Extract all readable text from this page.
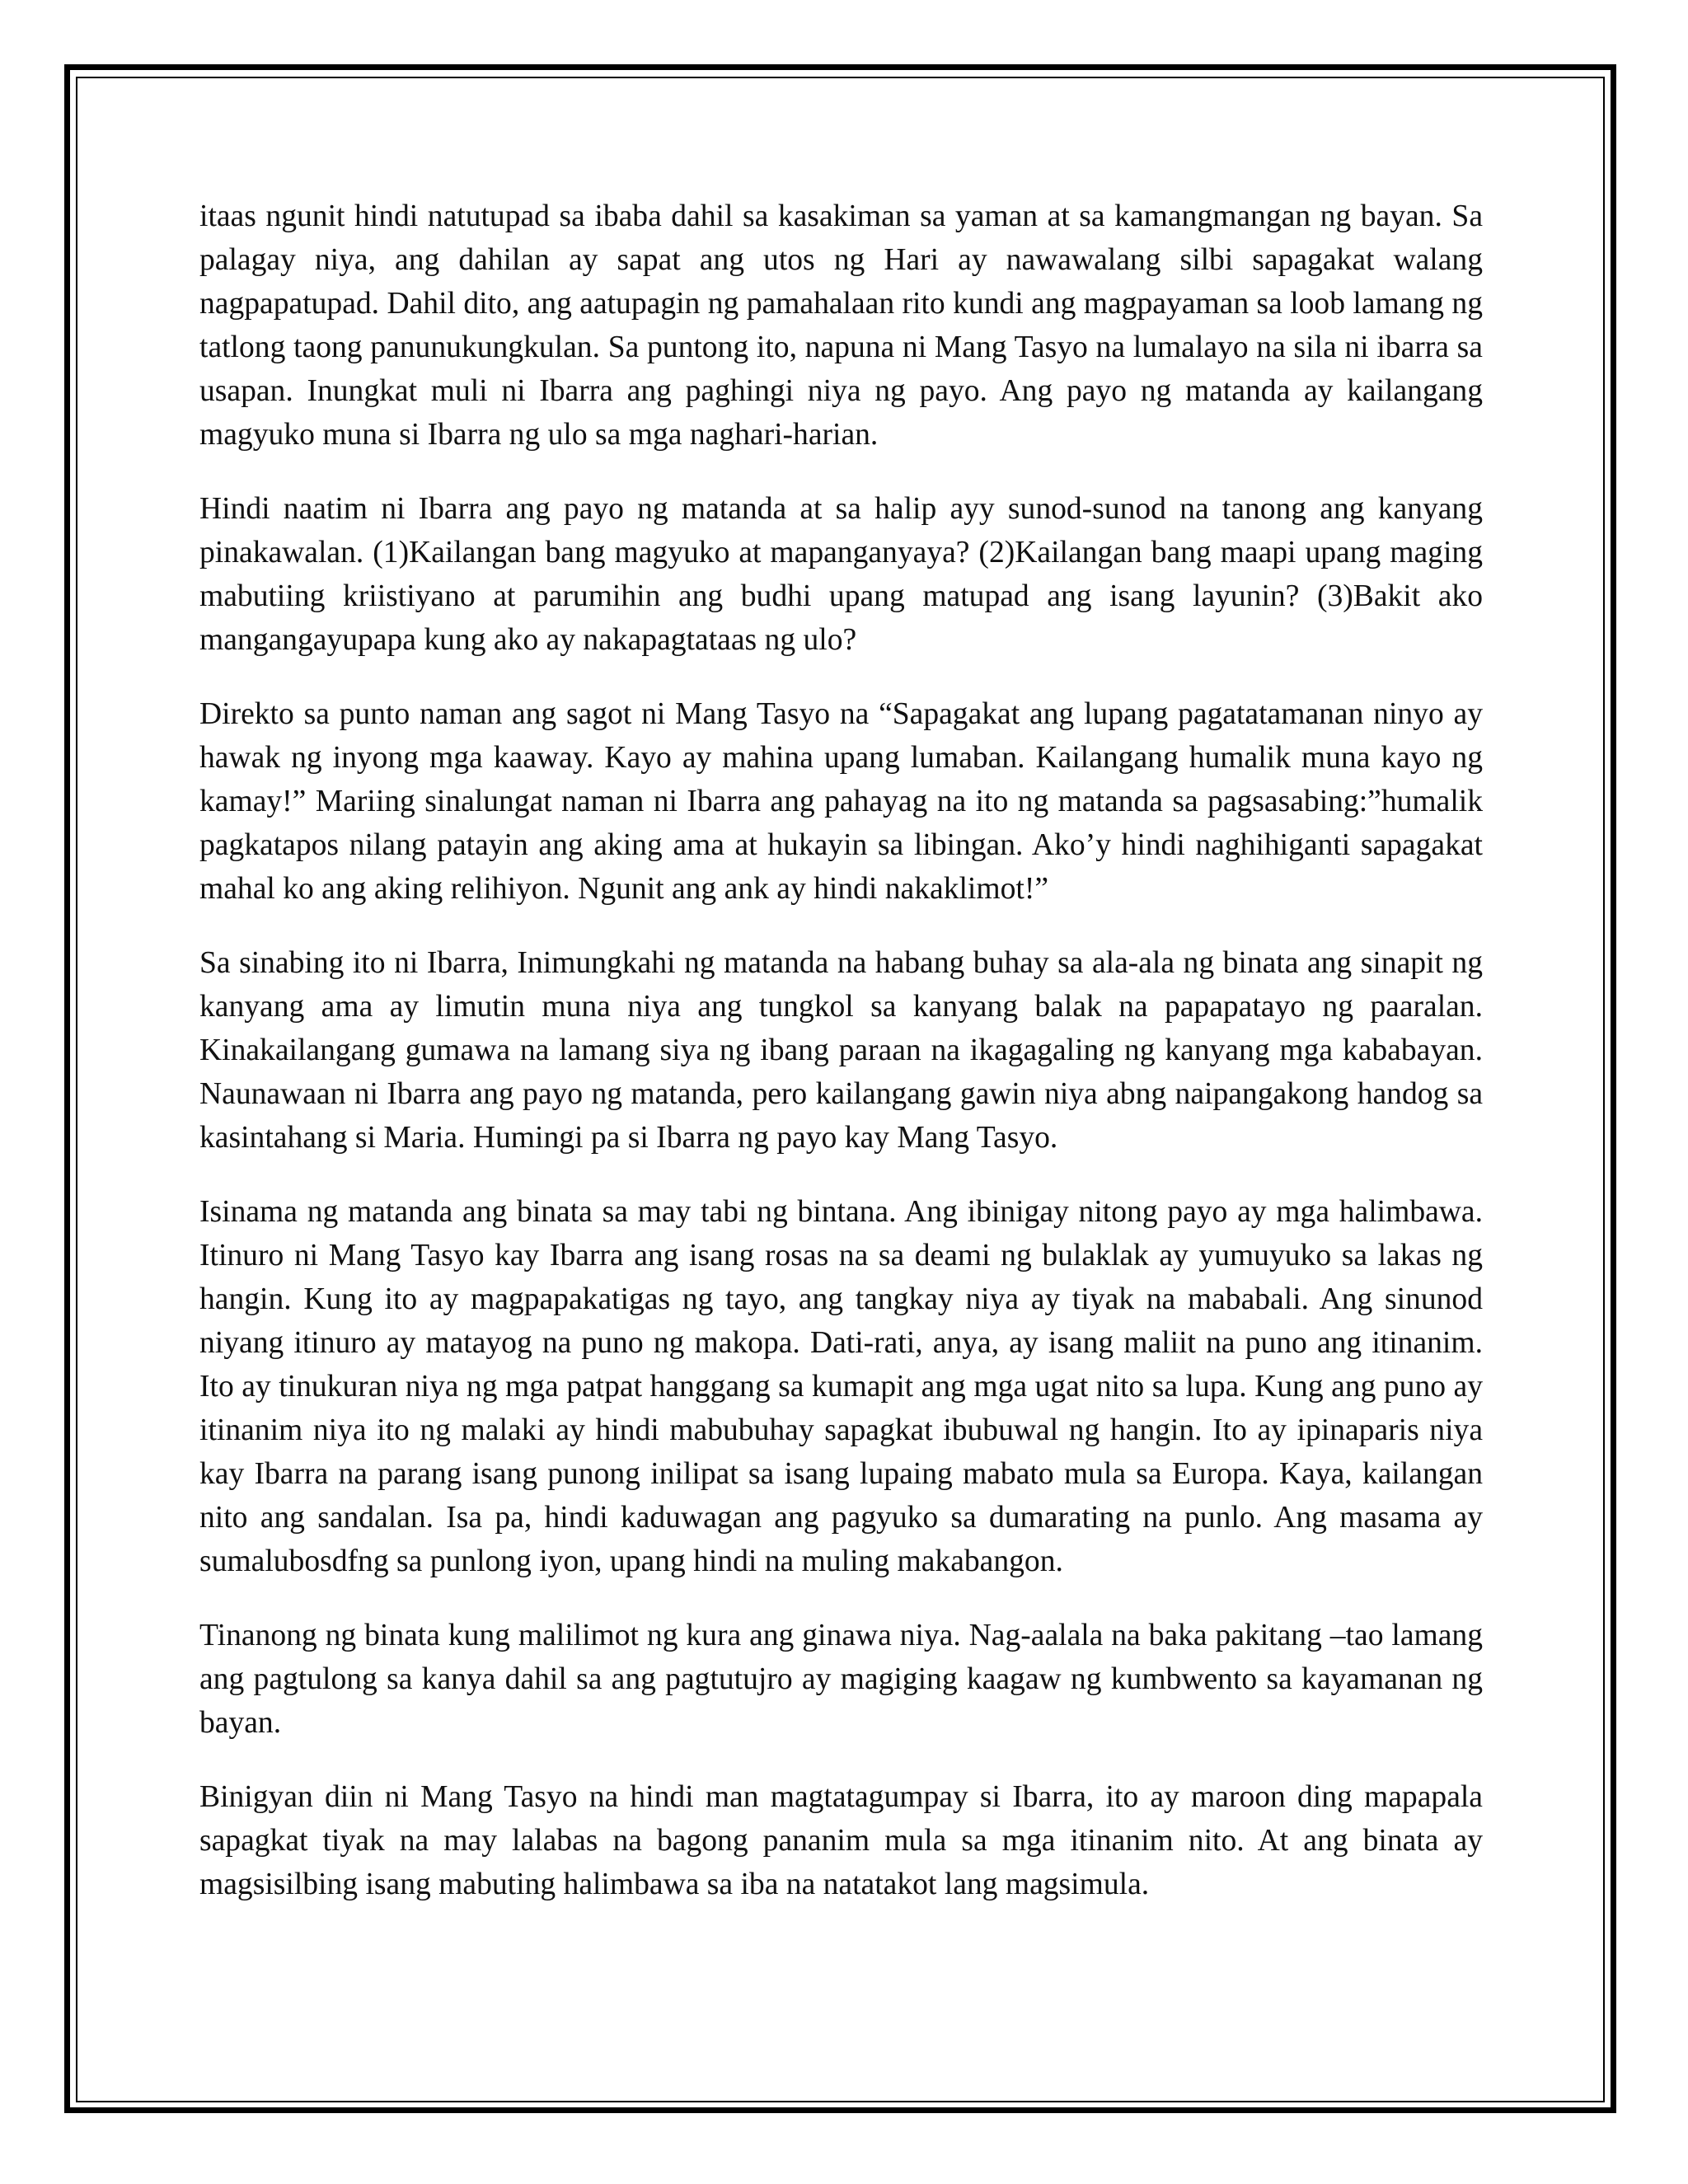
itaas ngunit hindi natutupad sa ibaba dahil sa kasakiman sa yaman at sa kamangmangan ng bayan. Sa palagay niya, ang dahilan ay sapat ang utos ng Hari ay nawawalang silbi sapagakat walang nagpapatupad. Dahil dito, ang aatupagin ng pamahalaan rito kundi ang magpayaman sa loob lamang ng tatlong taong panunukungkulan. Sa puntong ito, napuna ni Mang Tasyo na lumalayo na sila ni ibarra sa usapan. Inungkat muli ni Ibarra ang paghingi niya ng payo. Ang payo ng matanda ay kailangang magyuko muna si Ibarra ng ulo sa mga naghari-harian.

Hindi naatim ni Ibarra ang payo ng matanda at sa halip ayy sunod-sunod na tanong ang kanyang pinakawalan. (1)Kailangan bang magyuko at mapanganyaya? (2)Kailangan bang maapi upang maging mabutiing kriistiyano at parumihin ang budhi upang matupad ang isang layunin? (3)Bakit ako mangangayupapa kung ako ay nakapagtataas ng ulo?

Direkto sa punto naman ang sagot ni Mang Tasyo na “Sapagakat ang lupang pagatatamanan ninyo ay hawak ng inyong mga kaaway. Kayo ay mahina upang lumaban. Kailangang humalik muna kayo ng kamay!” Mariing sinalungat naman ni Ibarra ang pahayag na ito ng matanda sa pagsasabing:”humalik pagkatapos nilang patayin ang aking ama at hukayin sa libingan. Ako’y hindi naghihiganti sapagakat mahal ko ang aking relihiyon. Ngunit ang ank ay hindi nakaklimot!”

Sa sinabing ito ni Ibarra, Inimungkahi ng matanda na habang buhay sa ala-ala ng binata ang sinapit ng kanyang ama ay limutin muna niya ang tungkol sa kanyang balak na papapatayo ng paaralan. Kinakailangang gumawa na lamang siya ng ibang paraan na ikagagaling ng kanyang mga kababayan. Naunawaan ni Ibarra ang payo ng matanda, pero kailangang gawin niya abng naipangakong handog sa kasintahang si Maria. Humingi pa si Ibarra ng payo kay Mang Tasyo.

Isinama ng matanda ang binata sa may tabi ng bintana. Ang ibinigay nitong payo ay mga halimbawa. Itinuro ni Mang Tasyo kay Ibarra ang isang rosas na sa deami ng bulaklak ay yumuyuko sa lakas ng hangin. Kung ito ay magpapakatigas ng tayo, ang tangkay niya ay tiyak na mababali. Ang sinunod niyang itinuro ay matayog na puno ng makopa. Dati-rati, anya, ay isang maliit na puno ang itinanim. Ito ay tinukuran niya ng mga patpat hanggang sa kumapit ang mga ugat nito sa lupa. Kung ang puno ay itinanim niya ito ng malaki ay hindi mabubuhay sapagkat ibubuwal ng hangin. Ito ay ipinaparis niya kay Ibarra na parang isang punong inilipat sa isang lupaing mabato mula sa Europa. Kaya, kailangan nito ang sandalan. Isa pa, hindi kaduwagan ang pagyuko sa dumarating na punlo. Ang masama ay sumalubosdfng sa punlong iyon, upang hindi na muling makabangon.

Tinanong ng binata kung malilimot ng kura ang ginawa niya. Nag-aalala na baka pakitang –tao lamang ang pagtulong sa kanya dahil sa ang pagtutujro ay magiging kaagaw ng kumbwento sa kayamanan ng bayan.

Binigyan diin ni Mang Tasyo na hindi man magtatagumpay si Ibarra, ito ay maroon ding mapapala sapagkat tiyak na may lalabas na bagong pananim mula sa mga itinanim nito. At ang binata ay magsisilbing isang mabuting halimbawa sa iba na natatakot lang magsimula.
